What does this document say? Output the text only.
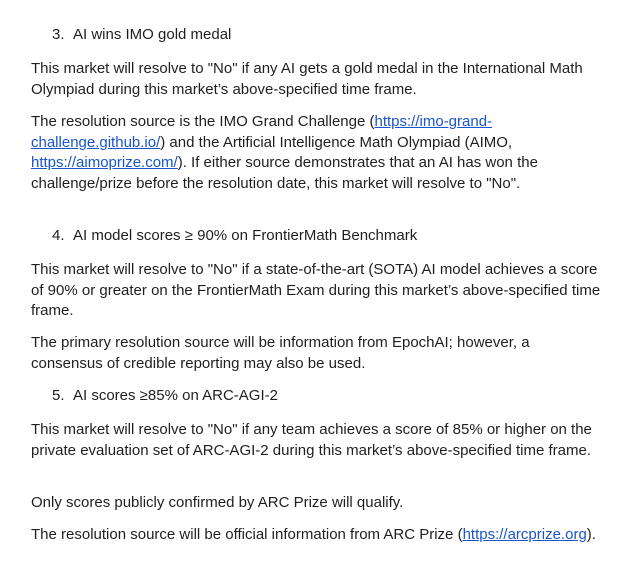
3. AI wins IMO gold medal

This market will resolve to "No" if any AI gets a gold medal in the International Math Olympiad during this market’s above-specified time frame.

The resolution source is the IMO Grand Challenge (https://imo-grand-challenge.github.io/) and the Artificial Intelligence Math Olympiad (AIMO, https://aimoprize.com/). If either source demonstrates that an AI has won the challenge/prize before the resolution date, this market will resolve to "No".

4. AI model scores ≥ 90% on FrontierMath Benchmark

This market will resolve to "No" if a state-of-the-art (SOTA) AI model achieves a score of 90% or greater on the FrontierMath Exam during this market’s above-specified time frame.

The primary resolution source will be information from EpochAI; however, a consensus of credible reporting may also be used.

5. AI scores ≥85% on ARC-AGI-2

This market will resolve to "No" if any team achieves a score of 85% or higher on the private evaluation set of ARC-AGI-2 during this market’s above-specified time frame.

Only scores publicly confirmed by ARC Prize will qualify.

The resolution source will be official information from ARC Prize (https://arcprize.org).
